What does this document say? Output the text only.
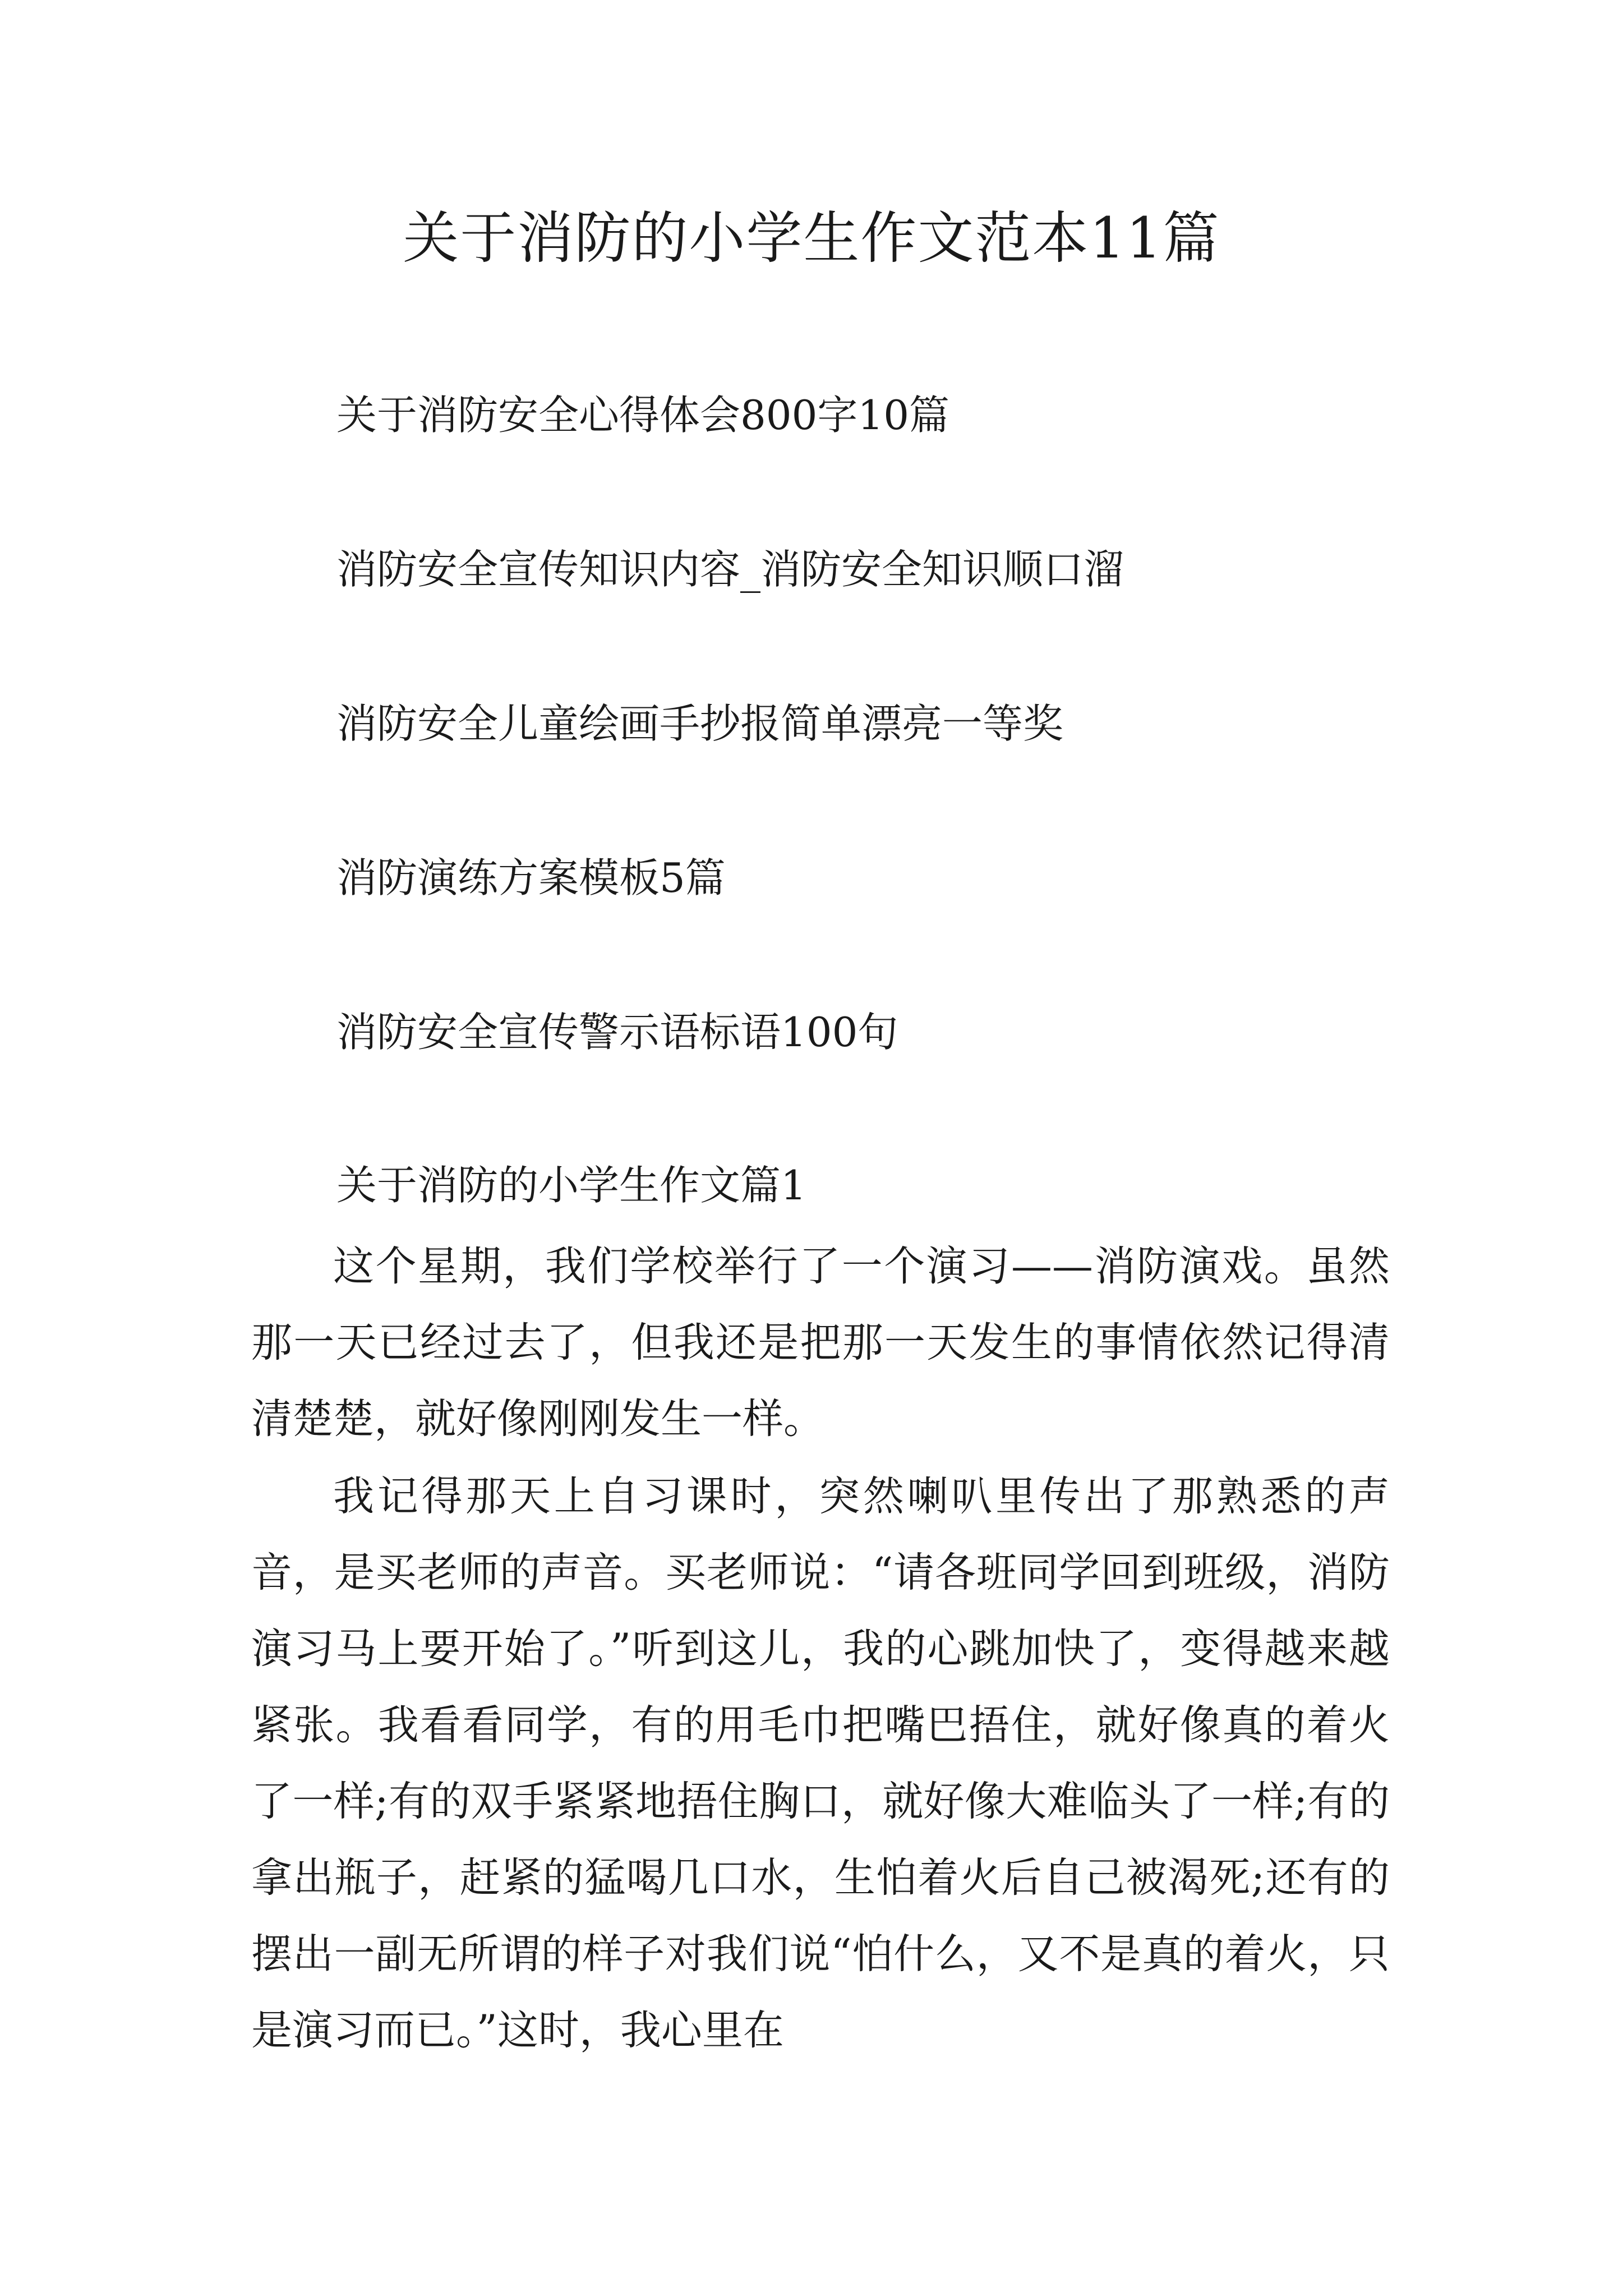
关于消防的小学生作文范本11篇

关于消防安全心得体会800字10篇

消防安全宣传知识内容_消防安全知识顺口溜

消防安全儿童绘画手抄报简单漂亮一等奖

消防演练方案模板5篇

消防安全宣传警示语标语100句

关于消防的小学生作文篇1

这个星期，我们学校举行了一个演习——消防演戏。虽然那一天已经过去了，但我还是把那一天发生的事情依然记得清清楚楚，就好像刚刚发生一样。

我记得那天上自习课时，突然喇叭里传出了那熟悉的声音，是买老师的声音。买老师说：“请各班同学回到班级，消防演习马上要开始了。”听到这儿，我的心跳加快了，变得越来越紧张。我看看同学，有的用毛巾把嘴巴捂住，就好像真的着火了一样;有的双手紧紧地捂住胸口，就好像大难临头了一样;有的拿出瓶子，赶紧的猛喝几口水，生怕着火后自己被渴死;还有的摆出一副无所谓的样子对我们说“怕什么，又不是真的着火，只是演习而已。”这时，我心里在
